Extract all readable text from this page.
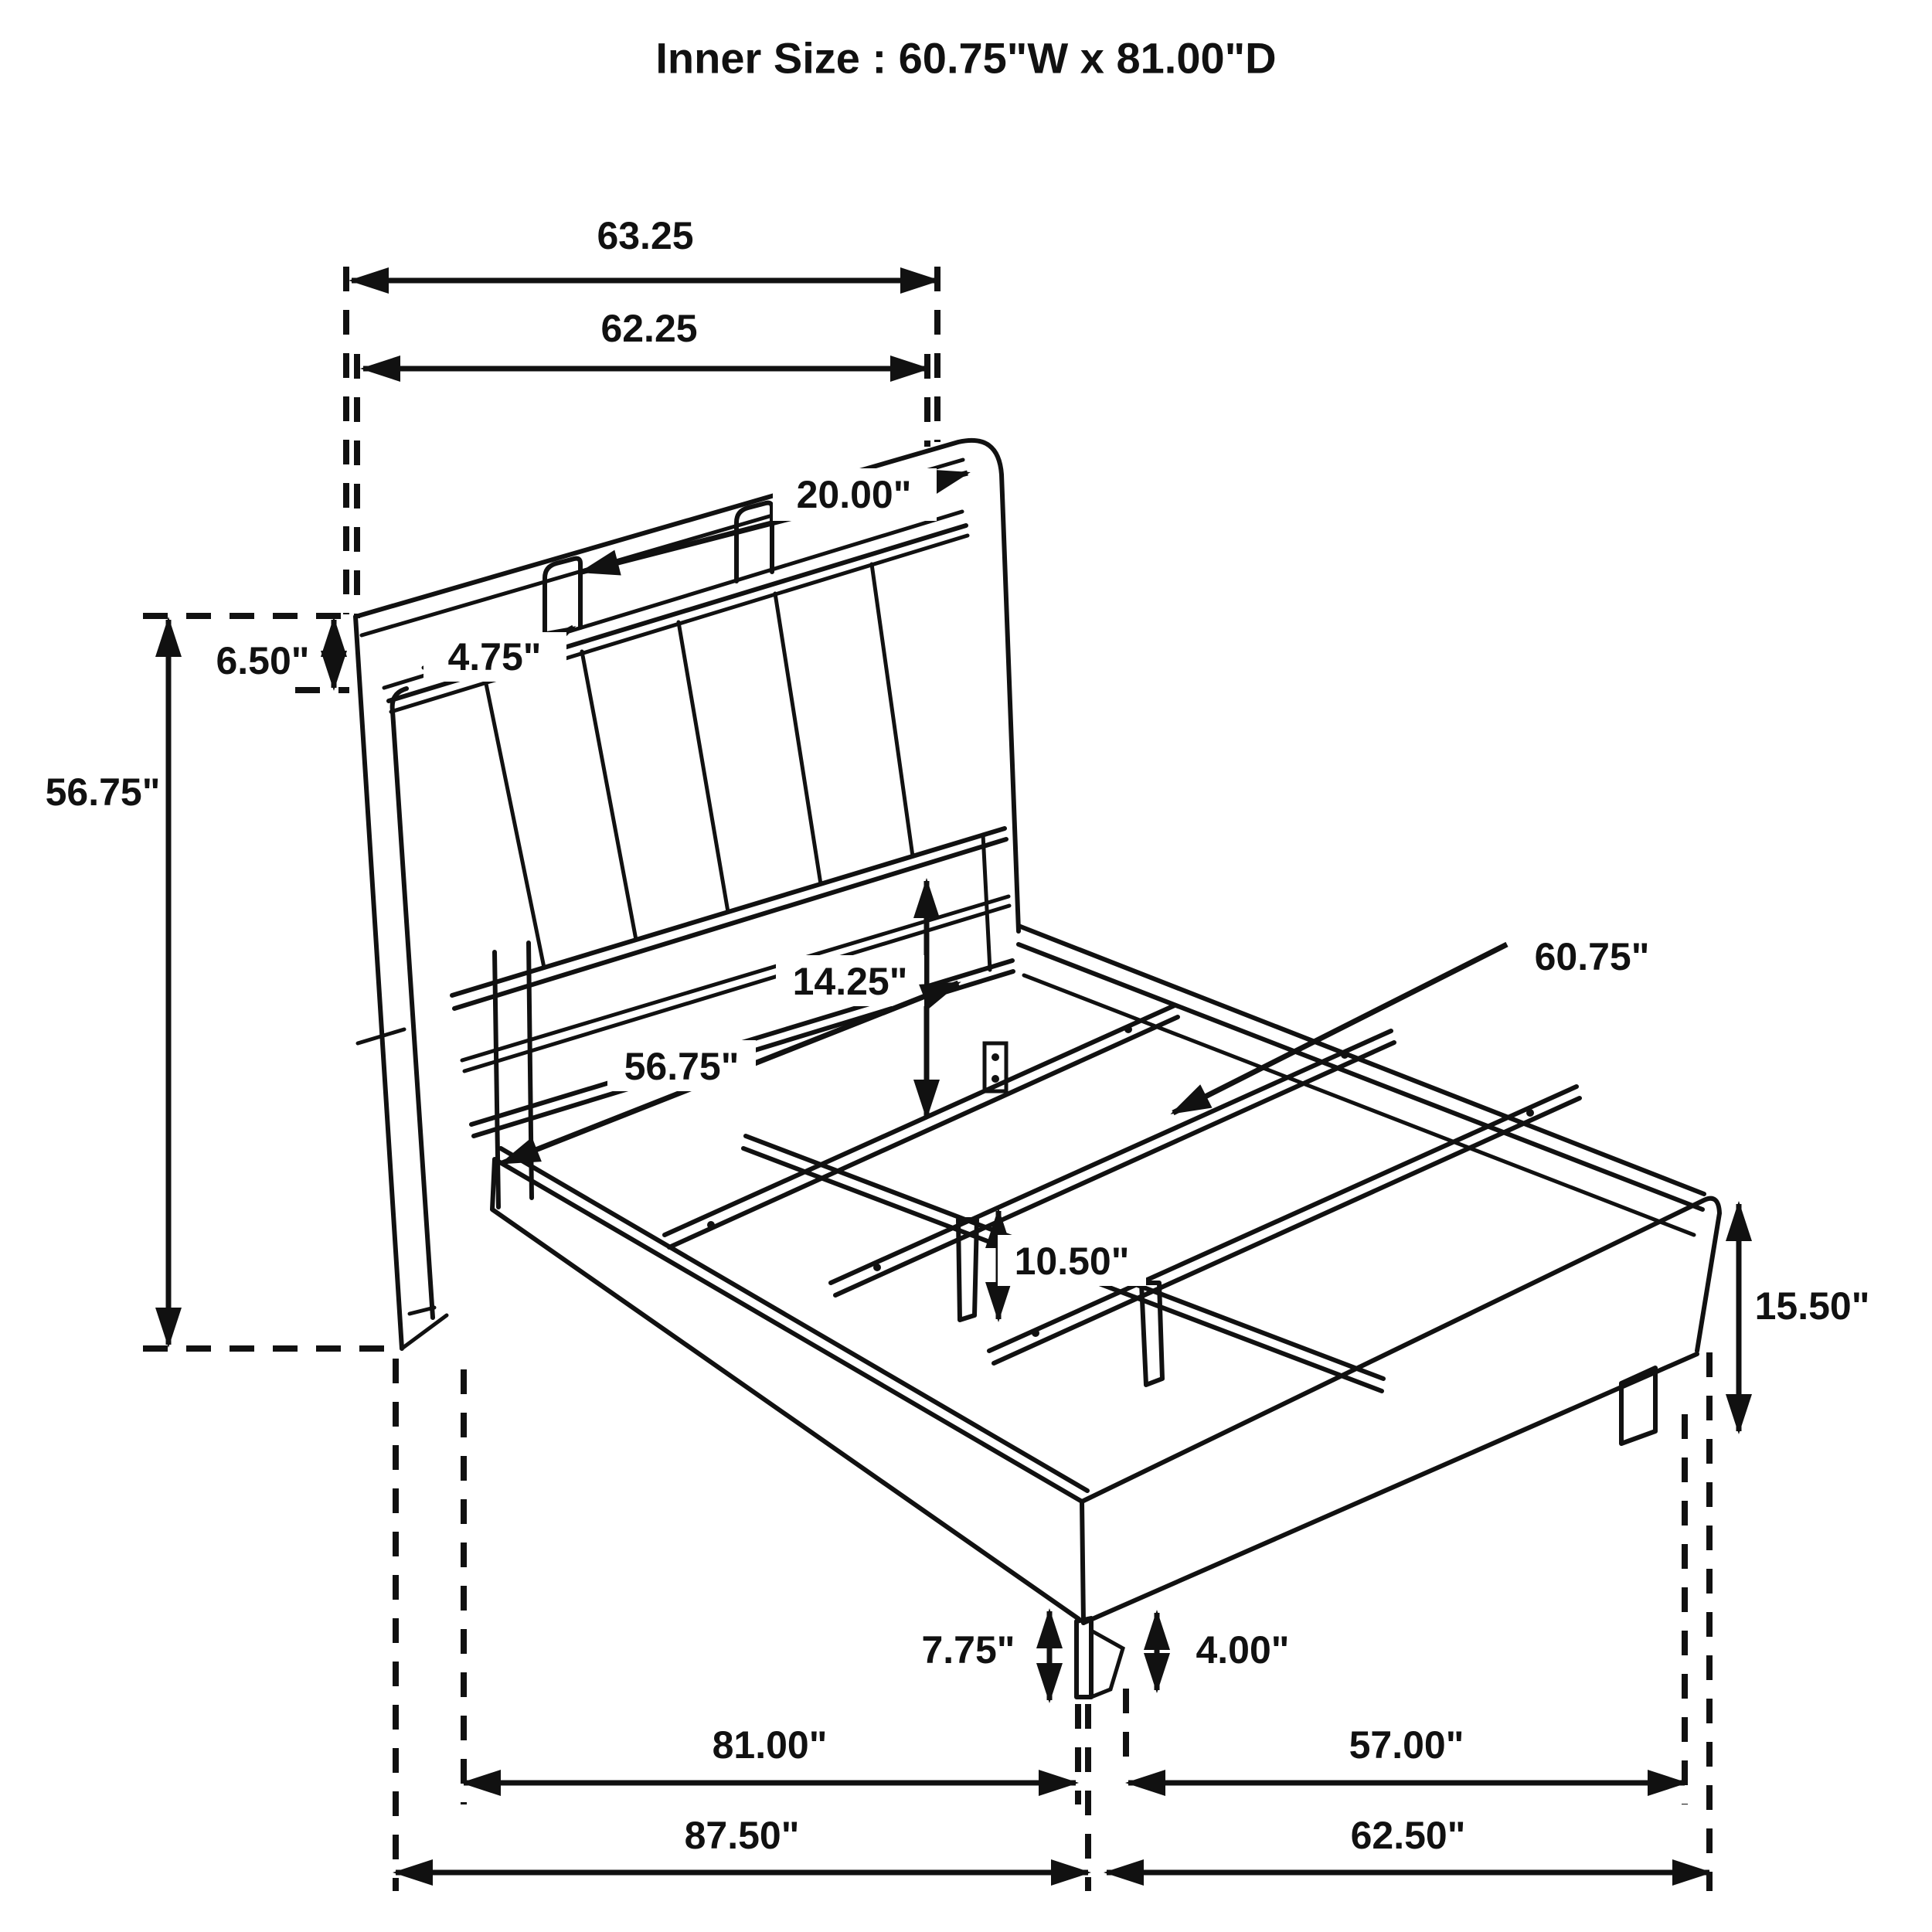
Inner Size : 60.75"W x 81.00"D
63.25
62.25
20.00"
4.75"
6.50"
56.75"
14.25"
56.75"
60.75"
10.50"
15.50"
7.75"	4.00"
81.00"	57.00"
87.50"	62.50"
